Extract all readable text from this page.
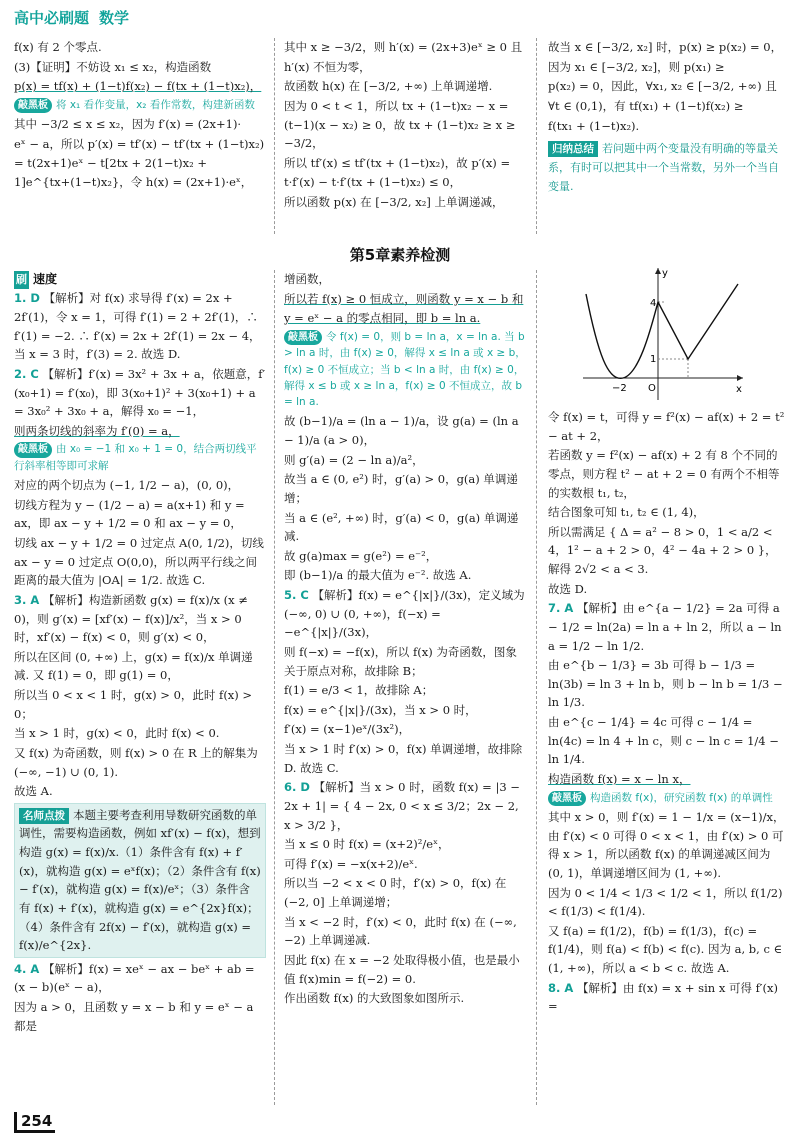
高中必刷题 数学

f(x) 有 2 个零点.

(3)【证明】不妨设 x₁ ≤ x₂，构造函数

p(x) = tf(x) + (1−t)f(x₂) − f(tx + (1−t)x₂)，

敲黑板 将 x₁ 看作变量，x₂ 看作常数，构建新函数

其中 −3/2 ≤ x ≤ x₂，因为 f′(x) = (2x+1)·

eˣ − a，所以 p′(x) = tf′(x) − tf′(tx + (1−t)x₂) = t(2x+1)eˣ − t[2tx + 2(1−t)x₂ +

1]e^{tx+(1−t)x₂}，令 h(x) = (2x+1)·eˣ，

其中 x ≥ −3/2，则 h′(x) = (2x+3)eˣ ≥ 0 且

h′(x) 不恒为零，

故函数 h(x) 在 [−3/2, +∞) 上单调递增.

因为 0 < t < 1，所以 tx + (1−t)x₂ − x = (t−1)(x − x₂) ≥ 0，故 tx + (1−t)x₂ ≥ x ≥ −3/2，

所以 tf′(x) ≤ tf′(tx + (1−t)x₂)，故 p′(x) =

t·f′(x) − t·f′(tx + (1−t)x₂) ≤ 0，

所以函数 p(x) 在 [−3/2, x₂] 上单调递减，

故当 x ∈ [−3/2, x₂] 时，p(x) ≥ p(x₂) = 0，

因为 x₁ ∈ [−3/2, x₂]，则 p(x₁) ≥

p(x₂) = 0，因此，∀x₁, x₂ ∈ [−3/2, +∞) 且

∀t ∈ (0,1)，有 tf(x₁) + (1−t)f(x₂) ≥

f(tx₁ + (1−t)x₂).

归纳总结 若问题中两个变量没有明确的等量关系，有时可以把其中一个当常数，另外一个当自变量.

第5章素养检测
刷 速度

1. D 【解析】对 f(x) 求导得 f′(x) = 2x + 2f′(1)，令 x = 1，可得 f′(1) = 2 + 2f′(1)，∴ f′(1) = −2. ∴ f′(x) = 2x + 2f′(1) = 2x − 4，当 x = 3 时，f′(3) = 2. 故选 D.

2. C 【解析】f′(x) = 3x² + 3x + a，依题意，f′(x₀+1) = f′(x₀)，即 3(x₀+1)² + 3(x₀+1) + a = 3x₀² + 3x₀ + a，解得 x₀ = −1，

则两条切线的斜率为 f′(0) = a，

敲黑板 由 x₀ = −1 和 x₀ + 1 = 0，结合两切线平行斜率相等即可求解

对应的两个切点为 (−1, 1/2 − a)，(0, 0)，

切线方程为 y − (1/2 − a) = a(x+1) 和 y = ax，即 ax − y + 1/2 = 0 和 ax − y = 0，

切线 ax − y + 1/2 = 0 过定点 A(0, 1/2)，切线 ax − y = 0 过定点 O(0,0)，所以两平行线之间距离的最大值为 |OA| = 1/2. 故选 C.

3. A 【解析】构造新函数 g(x) = f(x)/x (x ≠ 0)，则 g′(x) = [xf′(x) − f(x)]/x²，当 x > 0 时，xf′(x) − f(x) < 0，则 g′(x) < 0，

所以在区间 (0, +∞) 上，g(x) = f(x)/x 单调递减. 又 f(1) = 0，即 g(1) = 0，

所以当 0 < x < 1 时，g(x) > 0，此时 f(x) > 0；

当 x > 1 时，g(x) < 0，此时 f(x) < 0.

又 f(x) 为奇函数，则 f(x) > 0 在 R 上的解集为 (−∞, −1) ∪ (0, 1).

故选 A.

名师点拨 本题主要考查利用导数研究函数的单调性，需要构造函数，例如 xf′(x) − f(x)，想到构造 g(x) = f(x)/x.（1）条件含有 f(x) + f′(x)，就构造 g(x) = eˣf(x)；（2）条件含有 f(x) − f′(x)，就构造 g(x) = f(x)/eˣ；（3）条件含有 f(x) + f′(x)，就构造 g(x) = e^{2x}f(x)；（4）条件含有 2f(x) − f′(x)，就构造 g(x) = f(x)/e^{2x}.

4. A 【解析】f(x) = xeˣ − ax − beˣ + ab = (x − b)(eˣ − a)，

因为 a > 0，且函数 y = x − b 和 y = eˣ − a 都是

增函数，

所以若 f(x) ≥ 0 恒成立，则函数 y = x − b 和

y = eˣ − a 的零点相同，即 b = ln a.

敲黑板 令 f(x) = 0，则 b = ln a，x = ln a. 当 b > ln a 时，由 f(x) ≥ 0，解得 x ≤ ln a 或 x ≥ b，f(x) ≥ 0 不恒成立；当 b < ln a 时，由 f(x) ≥ 0，解得 x ≤ b 或 x ≥ ln a，f(x) ≥ 0 不恒成立，故 b = ln a.

故 (b−1)/a = (ln a − 1)/a，设 g(a) = (ln a − 1)/a (a > 0)，

则 g′(a) = (2 − ln a)/a²，

故当 a ∈ (0, e²) 时，g′(a) > 0，g(a) 单调递增；

当 a ∈ (e², +∞) 时，g′(a) < 0，g(a) 单调递减.

故 g(a)max = g(e²) = e⁻²，

即 (b−1)/a 的最大值为 e⁻². 故选 A.

5. C 【解析】f(x) = e^{|x|}/(3x)，定义域为 (−∞, 0) ∪ (0, +∞)，f(−x) = −e^{|x|}/(3x)，

则 f(−x) = −f(x)，所以 f(x) 为奇函数，图象关于原点对称，故排除 B；

f(1) = e/3 < 1，故排除 A；

f(x) = e^{|x|}/(3x)，当 x > 0 时，

f′(x) = (x−1)eˣ/(3x²)，

当 x > 1 时 f′(x) > 0，f(x) 单调递增，故排除 D. 故选 C.

6. D 【解析】当 x > 0 时，函数 f(x) = |3 − 2x + 1| = { 4 − 2x, 0 < x ≤ 3/2；2x − 2, x > 3/2 }，

当 x ≤ 0 时 f(x) = (x+2)²/eˣ，

可得 f′(x) = −x(x+2)/eˣ.

所以当 −2 < x < 0 时，f′(x) > 0，f(x) 在 (−2, 0] 上单调递增；

当 x < −2 时，f′(x) < 0，此时 f(x) 在 (−∞, −2) 上单调递减.

因此 f(x) 在 x = −2 处取得极小值，也是最小值 f(x)min = f(−2) = 0.

作出函数 f(x) 的大致图象如图所示.

y
x
O
−2
1
4

令 f(x) = t，可得 y = f²(x) − af(x) + 2 = t² − at + 2，

若函数 y = f²(x) − af(x) + 2 有 8 个不同的零点，则方程 t² − at + 2 = 0 有两个不相等的实数根 t₁, t₂，

结合图象可知 t₁, t₂ ∈ (1, 4)，

所以需满足 { Δ = a² − 8 > 0，1 < a/2 < 4，1² − a + 2 > 0，4² − 4a + 2 > 0 }，解得 2√2 < a < 3.

故选 D.

7. A 【解析】由 e^{a − 1/2} = 2a 可得 a − 1/2 = ln(2a) = ln a + ln 2，所以 a − ln a = 1/2 − ln 1/2.

由 e^{b − 1/3} = 3b 可得 b − 1/3 = ln(3b) = ln 3 + ln b，则 b − ln b = 1/3 − ln 1/3.

由 e^{c − 1/4} = 4c 可得 c − 1/4 = ln(4c) = ln 4 + ln c，则 c − ln c = 1/4 − ln 1/4.

构造函数 f(x) = x − ln x，

敲黑板 构造函数 f(x)，研究函数 f(x) 的单调性

其中 x > 0，则 f′(x) = 1 − 1/x = (x−1)/x，由 f′(x) < 0 可得 0 < x < 1，由 f′(x) > 0 可得 x > 1，所以函数 f(x) 的单调递减区间为 (0, 1)，单调递增区间为 (1, +∞).

因为 0 < 1/4 < 1/3 < 1/2 < 1，所以 f(1/2) < f(1/3) < f(1/4).

又 f(a) = f(1/2)，f(b) = f(1/3)，f(c) = f(1/4)，则 f(a) < f(b) < f(c). 因为 a, b, c ∈ (1, +∞)，所以 a < b < c. 故选 A.

8. A 【解析】由 f(x) = x + sin x 可得 f′(x) =

254
